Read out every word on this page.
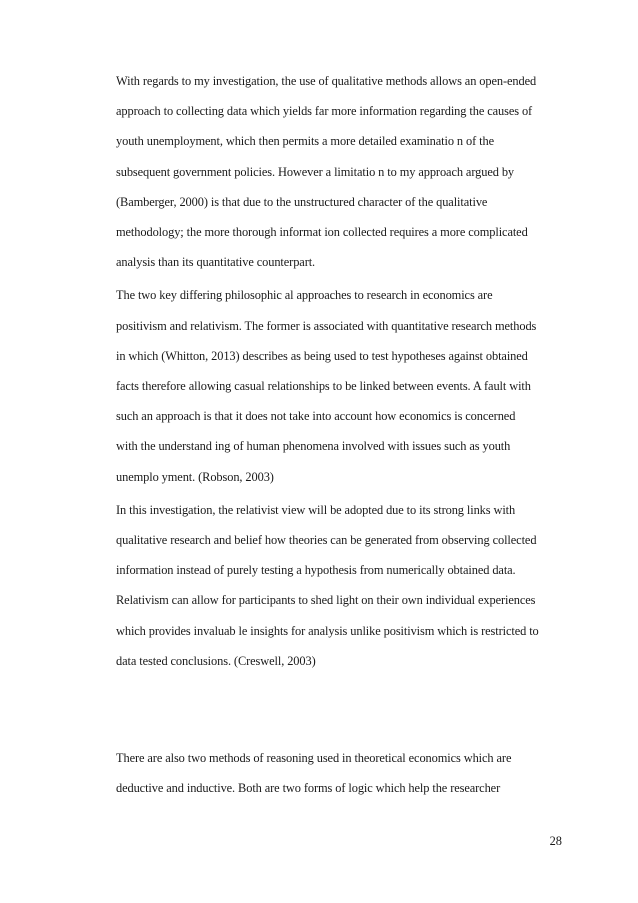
With regards to my investigation, the use of qualitative methods allows an open-ended

approach to collecting data which yields far more information regarding the causes of

youth unemployment, which then permits a more detailed examinatio n of the

subsequent government policies. However a limitatio n to my approach argued by

(Bamberger, 2000) is that due to the unstructured character of the qualitative

methodology; the more thorough informat ion collected requires a more complicated

analysis than its quantitative counterpart.

The two key differing philosophic al approaches to research in economics are

positivism and relativism. The former is associated with quantitative research methods

in which (Whitton, 2013) describes as being used to test hypotheses against obtained

facts therefore allowing casual relationships to be linked between events. A fault with

such an approach is that it does not take into account how economics is concerned

with the understand ing of human phenomena involved with issues such as youth

unemplo yment. (Robson, 2003)

In this investigation, the relativist view will be adopted due to its strong links with

qualitative research and belief how theories can be generated from observing collected

information instead of purely testing a hypothesis from numerically obtained data.

Relativism can allow for participants to shed light on their own individual experiences

which provides invaluab le insights for analysis unlike positivism which is restricted to

data tested conclusions. (Creswell, 2003)

There are also two methods of reasoning used in theoretical economics which are

deductive and inductive. Both are two forms of logic which help the researcher

28
